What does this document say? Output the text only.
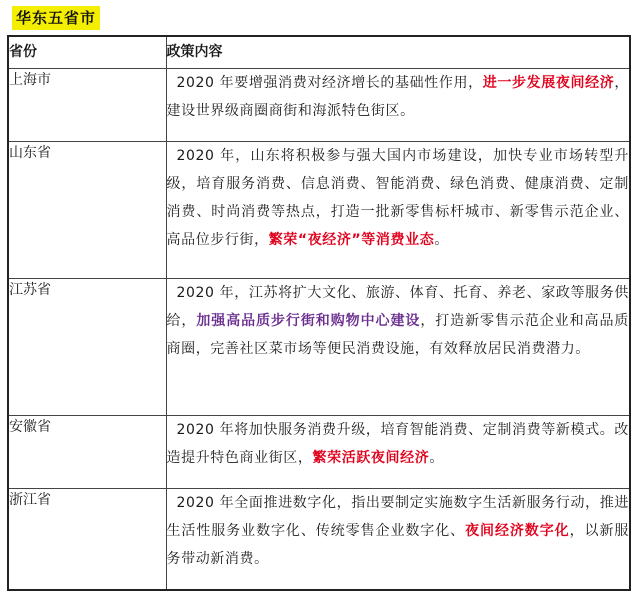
华东五省市
省份	政策内容
上海市	2020 年要增强消费对经济增长的基础性作用，进一步发展夜间经济，建设世界级商圈商街和海派特色街区。
山东省	2020 年，山东将积极参与强大国内市场建设，加快专业市场转型升级，培育服务消费、信息消费、智能消费、绿色消费、健康消费、定制消费、时尚消费等热点，打造一批新零售标杆城市、新零售示范企业、高品位步行街，繁荣“夜经济”等消费业态。
江苏省	2020 年，江苏将扩大文化、旅游、体育、托育、养老、家政等服务供给，加强高品质步行街和购物中心建设，打造新零售示范企业和高品质商圈，完善社区菜市场等便民消费设施，有效释放居民消费潜力。
安徽省	2020 年将加快服务消费升级，培育智能消费、定制消费等新模式。改造提升特色商业街区，繁荣活跃夜间经济。
浙江省	2020 年全面推进数字化，指出要制定实施数字生活新服务行动，推进生活性服务业数字化、传统零售企业数字化、夜间经济数字化，以新服务带动新消费。
